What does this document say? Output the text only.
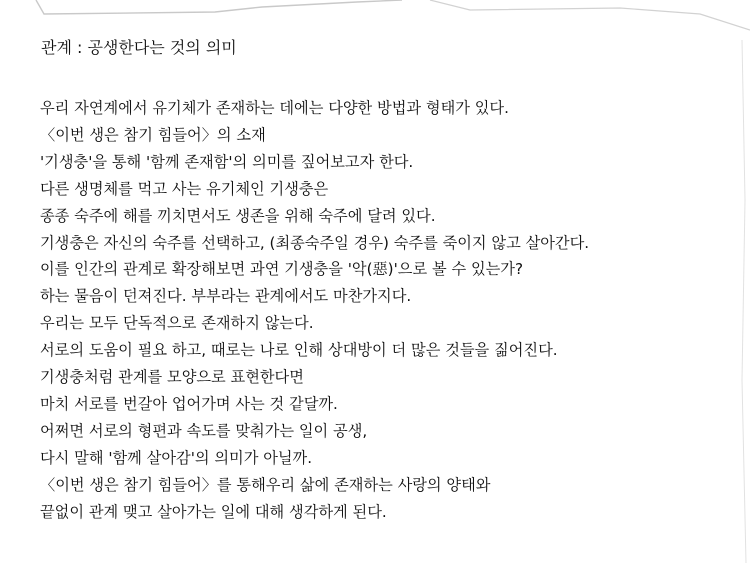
관계 : 공생한다는 것의 의미

우리 자연계에서 유기체가 존재하는 데에는 다양한 방법과 형태가 있다.

〈이번 생은 참기 힘들어〉의 소재

'기생충'을 통해 '함께 존재함'의 의미를 짚어보고자 한다.

다른 생명체를 먹고 사는 유기체인 기생충은

종종 숙주에 해를 끼치면서도 생존을 위해 숙주에 달려 있다.

기생충은 자신의 숙주를 선택하고, (최종숙주일 경우) 숙주를 죽이지 않고 살아간다.

이를 인간의 관계로 확장해보면 과연 기생충을 '악(惡)'으로 볼 수 있는가?

하는 물음이 던져진다. 부부라는 관계에서도 마찬가지다.

우리는 모두 단독적으로 존재하지 않는다.

서로의 도움이 필요 하고, 때로는 나로 인해 상대방이 더 많은 것들을 짊어진다.

기생충처럼 관계를 모양으로 표현한다면

마치 서로를 번갈아 업어가며 사는 것 같달까.

어쩌면 서로의 형편과 속도를 맞춰가는 일이 공생,

다시 말해 '함께 살아감'의 의미가 아닐까.

〈이번 생은 참기 힘들어〉를 통해우리 삶에 존재하는 사랑의 양태와

끝없이 관계 맺고 살아가는 일에 대해 생각하게 된다.
